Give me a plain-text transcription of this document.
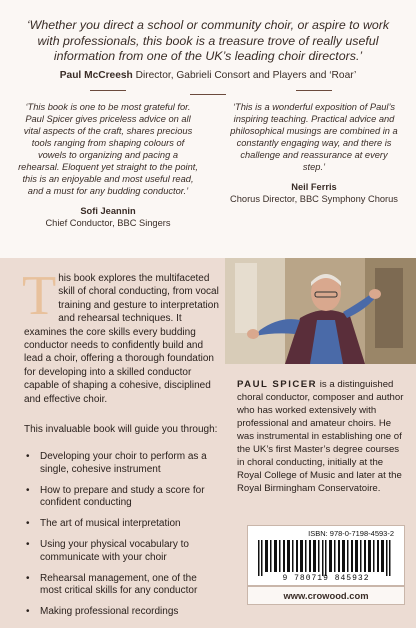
‘Whether you direct a school or community choir, or aspire to work with professionals, this book is a treasure trove of really useful information from one of the UK’s leading choir directors.’
Paul McCreesh Director, Gabrieli Consort and Players and ‘Roar’
‘This book is one to be most grateful for. Paul Spicer gives priceless advice on all vital aspects of the craft, shares precious tools ranging from shaping colours of vowels to organizing and pacing a rehearsal. Eloquent yet straight to the point, this is an enjoyable and most useful read, and a must for any budding conductor.’
Sofi Jeannin
Chief Conductor, BBC Singers
‘This is a wonderful exposition of Paul’s inspiring teaching. Practical advice and philosophical musings are combined in a constantly engaging way, and there is challenge and reassurance at every step.’
Neil Ferris
Chorus Director, BBC Symphony Chorus
This book explores the multifaceted skill of choral conducting, from vocal training and gesture to interpretation and rehearsal techniques. It examines the core skills every budding conductor needs to confidently build and lead a choir, offering a thorough foundation for developing into a skilled conductor capable of shaping a cohesive, disciplined and effective choir.
This invaluable book will guide you through:
• Developing your choir to perform as a single, cohesive instrument
• How to prepare and study a score for confident conducting
• The art of musical interpretation
• Using your physical vocabulary to communicate with your choir
• Rehearsal management, one of the most critical skills for any conductor
• Making professional recordings
PAUL SPICER is a distinguished choral conductor, composer and author who has worked extensively with professional and amateur choirs. He was instrumental in establishing one of the UK’s first Master’s degree courses in choral conducting, initially at the Royal College of Music and later at the Royal Birmingham Conservatoire.
ISBN: 978-0-7198-4593-2
9 780719 845932
www.crowood.com
